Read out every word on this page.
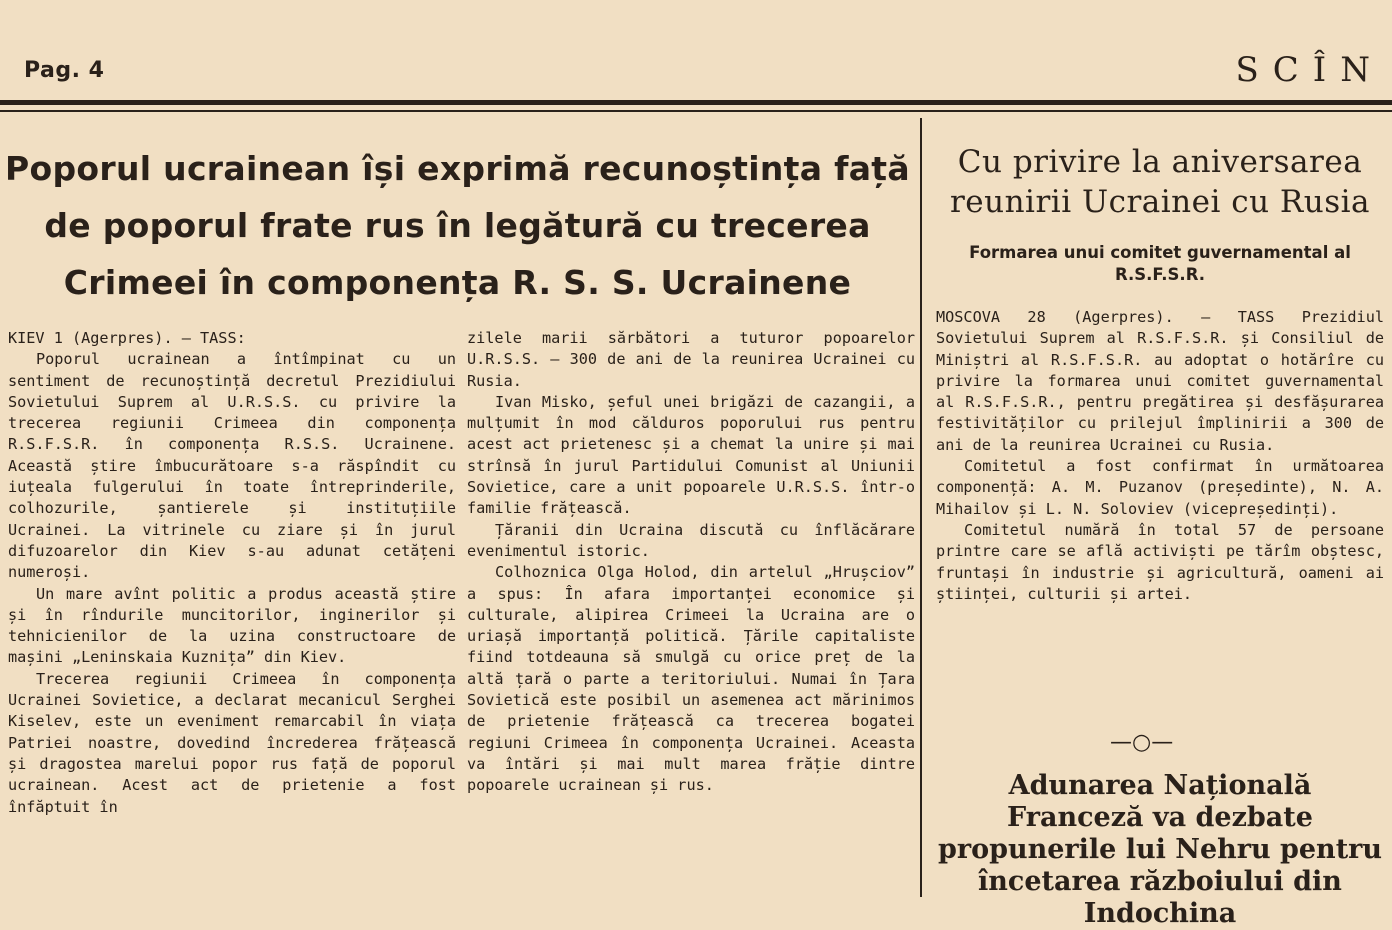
Pag. 4	SCÎN
Poporul ucrainean își exprimă recunoștința față de poporul frate rus în legătură cu trecerea Crimeei în componența R. S. S. Ucrainene

KIEV 1 (Agerpres). — TASS:

Poporul ucrainean a întîmpinat cu un sentiment de recunoștință decretul Prezidiului Sovietului Suprem al U.R.S.S. cu privire la trecerea regiunii Crimeea din componența R.S.F.S.R. în componența R.S.S. Ucrainene. Această știre îmbucurătoare s-a răspîndit cu iuțeala fulgerului în toate întreprinderile, colhozurile, șantierele și instituțiile Ucrainei. La vitrinele cu ziare și în jurul difuzoarelor din Kiev s-au adunat cetățeni numeroși.

Un mare avînt politic a produs această știre și în rîndurile muncitorilor, inginerilor și tehnicienilor de la uzina constructoare de mașini „Leninskaia Kuznița” din Kiev.

Trecerea regiunii Crimeea în componența Ucrainei Sovietice, a declarat mecanicul Serghei Kiselev, este un eveniment remarcabil în viața Patriei noastre, dovedind încrederea frățească și dragostea marelui popor rus față de poporul ucrainean. Acest act de prietenie a fost înfăptuit în

zilele marii sărbători a tuturor popoarelor U.R.S.S. — 300 de ani de la reunirea Ucrainei cu Rusia.

Ivan Misko, șeful unei brigăzi de cazangii, a mulțumit în mod călduros poporului rus pentru acest act prietenesc și a chemat la unire și mai strînsă în jurul Partidului Comunist al Uniunii Sovietice, care a unit popoarele U.R.S.S. într-o familie frățească.

Țăranii din Ucraina discută cu înflăcărare evenimentul istoric.

Colhoznica Olga Holod, din artelul „Hrușciov” a spus: În afara importanței economice și culturale, alipirea Crimeei la Ucraina are o uriașă importanță politică. Țările capitaliste fiind totdeauna să smulgă cu orice preț de la altă țară o parte a teritoriului. Numai în Țara Sovietică este posibil un asemenea act mărinimos de prietenie frățească ca trecerea bogatei regiuni Crimeea în componența Ucrainei. Aceasta va întări și mai mult marea frăție dintre popoarele ucrainean și rus.

Cu privire la aniversarea reunirii Ucrainei cu Rusia
Formarea unui comitet guvernamental al R.S.F.S.R.

MOSCOVA 28 (Agerpres). — TASS Prezidiul Sovietului Suprem al R.S.F.S.R. și Consiliul de Miniștri al R.S.F.S.R. au adoptat o hotărîre cu privire la formarea unui comitet guvernamental al R.S.F.S.R., pentru pregătirea și desfășurarea festivităților cu prilejul împlinirii a 300 de ani de la reunirea Ucrainei cu Rusia.

Comitetul a fost confirmat în următoarea componență: A. M. Puzanov (președinte), N. A. Mihailov și L. N. Soloviev (vicepreședinți).

Comitetul numără în total 57 de persoane printre care se află activiști pe tărîm obștesc, fruntași în industrie și agricultură, oameni ai științei, culturii și artei.

—○—
Adunarea Națională Franceză va dezbate propunerile lui Nehru pentru încetarea războiului din Indochina
